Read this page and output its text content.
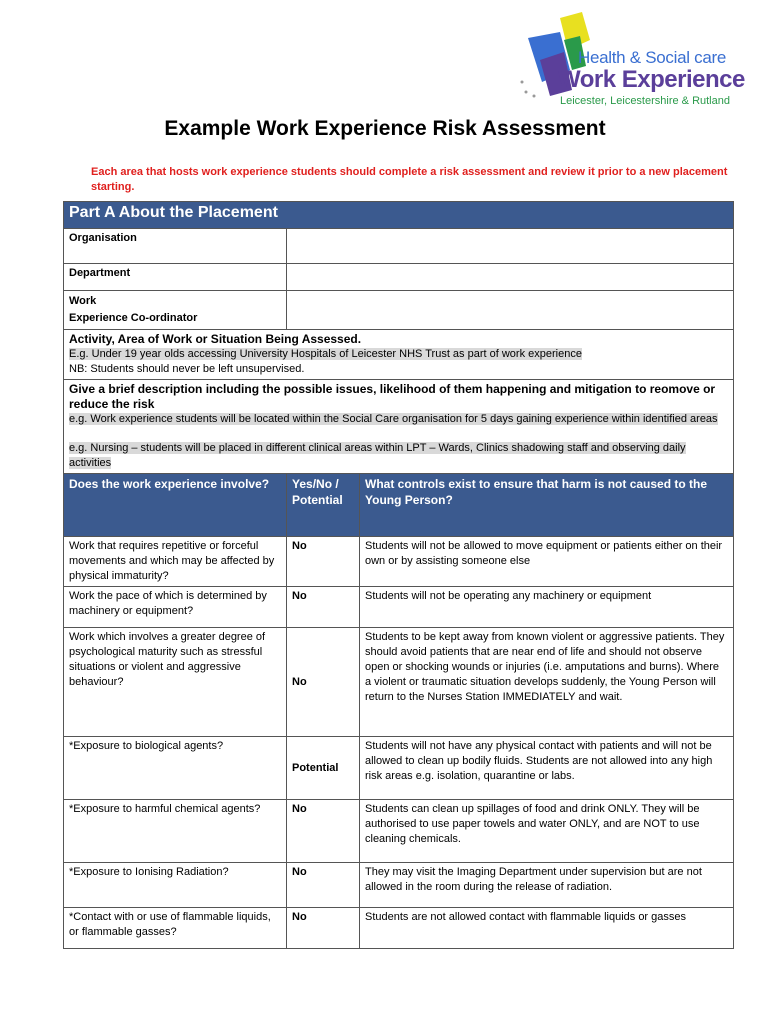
Health & Social care
Work Experience
Leicester, Leicestershire & Rutland
Example Work Experience Risk Assessment
Each area that hosts work experience students should complete a risk assessment and review it prior to a new placement starting.
Part A About the Placement		
Organisation		
Department		

Work
Experience Co-ordinator		

Activity, Area of Work or Situation Being Assessed.
E.g. Under 19 year olds accessing University Hospitals of Leicester NHS Trust as part of work experience
NB: Students should never be left unsupervised.		

Give a brief description including the possible issues, likelihood of them happening and mitigation to reomove or reduce the risk
e.g. Work experience students will be located within the Social Care organisation for 5 days gaining experience within identified areas
e.g. Nursing – students will be placed in different clinical areas within LPT – Wards, Clinics shadowing staff and observing daily activities		

Does the work experience involve?	Yes/No / Potential	What controls exist to ensure that harm is not caused to the Young Person?
Work that requires repetitive or forceful movements and which may be affected by physical immaturity?	No	Students will not be allowed to move equipment or patients either on their own or by assisting someone else
Work the pace of which is determined by machinery or equipment?	No	Students will not be operating any machinery or equipment
Work which involves a greater degree of psychological maturity such as stressful situations or violent and aggressive behaviour?	No	Students to be kept away from known violent or aggressive patients. They should avoid patients that are near end of life and should not observe open or shocking wounds or injuries (i.e. amputations and burns). Where a violent or traumatic situation develops suddenly, the Young Person will return to the Nurses Station IMMEDIATELY and wait.
*Exposure to biological agents?	Potential	Students will not have any physical contact with patients and will not be allowed to clean up bodily fluids. Students are not allowed into any high risk areas e.g. isolation, quarantine or labs.
*Exposure to harmful chemical agents?	No	Students can clean up spillages of food and drink ONLY. They will be authorised to use paper towels and water ONLY, and are NOT to use cleaning chemicals.
*Exposure to Ionising Radiation?	No	They may visit the Imaging Department under supervision but are not allowed in the room during the release of radiation.
*Contact with or use of flammable liquids, or flammable gasses?	No	Students are not allowed contact with flammable liquids or gasses
